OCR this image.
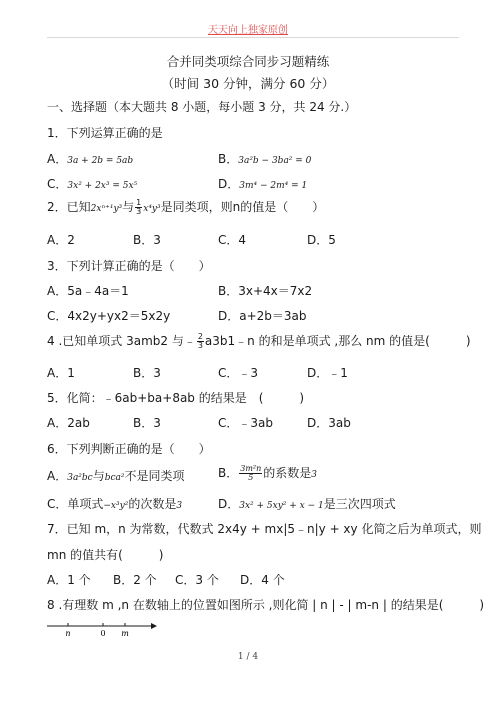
天天向上独家原创
合并同类项综合同步习题精练
（时间 30 分钟，满分 60 分）
一、选择题（本大题共 8 小题，每小题 3 分，共 24 分.）
1．下列运算正确的是
A．3a + 2b = 5ab	B．3a²b − 3ba² = 0
C．3x² + 2x³ = 5x⁵	D．3m⁴ − 2m⁴ = 1
2．已知2xⁿ⁺¹y³与 $\frac{1}{3} x^4y^3$是同类项，则n的值是（　　）
A．2	B．3	C．4	D．5
3．下列计算正确的是（　　）
A．5a﹣4a＝1	B．3x+4x＝7x2
C．4x2y+yx2＝5x2y	D．a+2b＝3ab
4 .已知单项式 3amb2 与﹣ $\frac{2}{3}$ a3b1﹣n 的和是单项式 ,那么 nm 的值是(　　　)
A．1	B．3	C．﹣3	D．﹣1
5．化简：﹣6ab+ba+8ab 的结果是　(　　　)
A．2ab	B．3	C．﹣3ab	D．3ab
6．下列判断正确的是（　　）
A．3a²bc与bca²不是同类项	B． $\frac{\text{3m²n}}{5}$ 的系数是3
C．单项式−x³y²的次数是3	D．3x² + 5xy² + x − 1是三次四项式
7．已知 m，n 为常数，代数式 2x4y + mx|5﹣n|y + xy 化简之后为单项式，则
mn 的值共有(　　　)
A．1 个 B．2 个 C．3 个 D．4 个
8 .有理数 m ,n 在数轴上的位置如图所示 ,则化简 | n | - | m-n | 的结果是(　　　)
n	0 m
1 / 4
